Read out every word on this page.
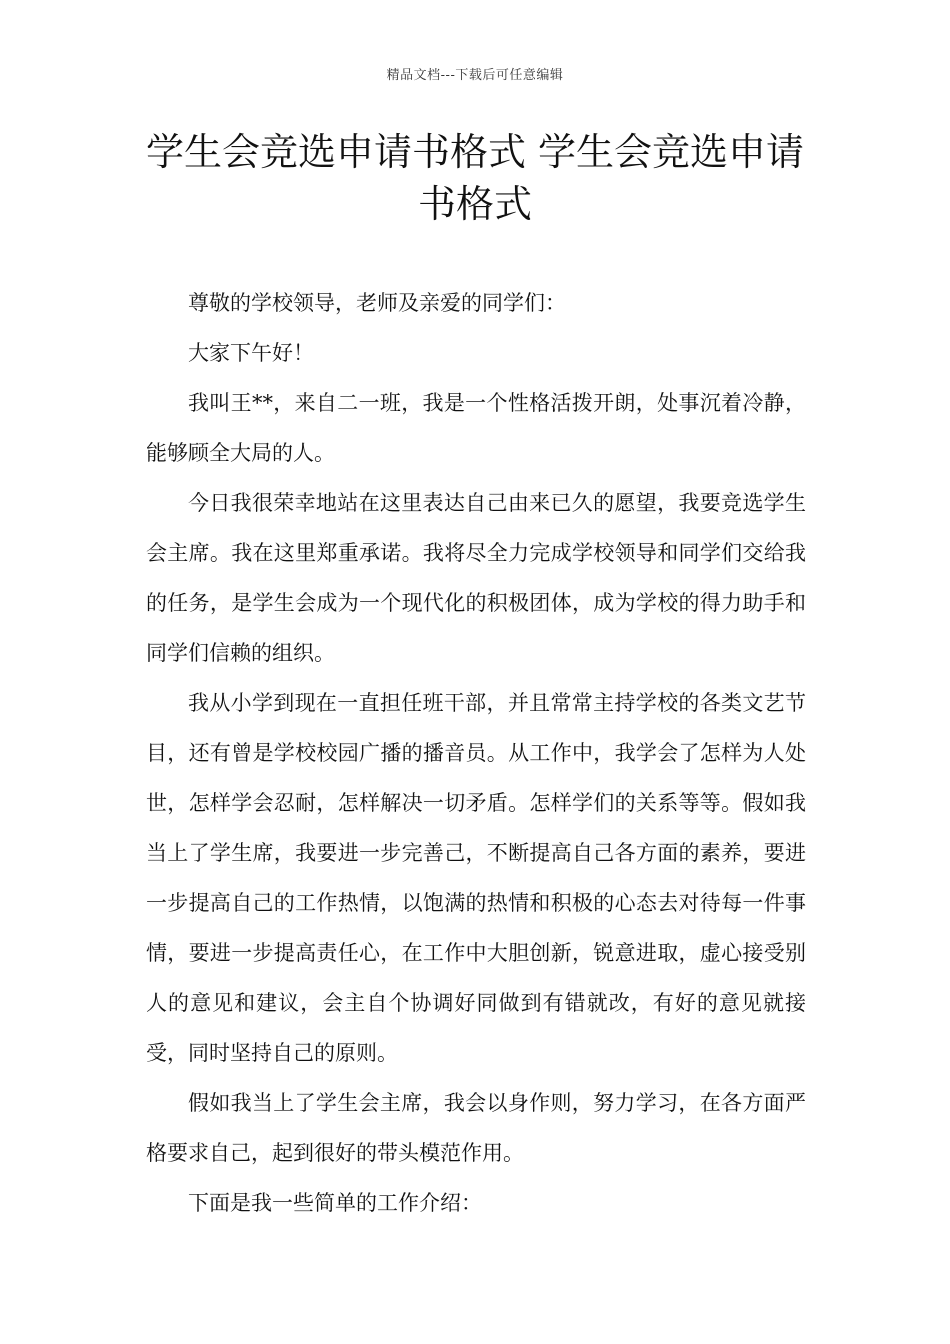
精品文档---下载后可任意编辑
学生会竞选申请书格式 学生会竞选申请书格式

尊敬的学校领导，老师及亲爱的同学们：

大家下午好！

我叫王**，来自二一班，我是一个性格活拨开朗，处事沉着冷静，能够顾全大局的人。

今日我很荣幸地站在这里表达自己由来已久的愿望，我要竞选学生会主席。我在这里郑重承诺。我将尽全力完成学校领导和同学们交给我的任务，是学生会成为一个现代化的积极团体，成为学校的得力助手和同学们信赖的组织。

我从小学到现在一直担任班干部，并且常常主持学校的各类文艺节目，还有曾是学校校园广播的播音员。从工作中，我学会了怎样为人处世，怎样学会忍耐，怎样解决一切矛盾。怎样学们的关系等等。假如我当上了学生席，我要进一步完善己，不断提高自己各方面的素养，要进一步提高自己的工作热情，以饱满的热情和积极的心态去对待每一件事情，要进一步提高责任心，在工作中大胆创新，锐意进取，虚心接受别人的意见和建议，会主自个协调好同做到有错就改，有好的意见就接受，同时坚持自己的原则。

假如我当上了学生会主席，我会以身作则，努力学习，在各方面严格要求自己，起到很好的带头模范作用。

下面是我一些简单的工作介绍：
